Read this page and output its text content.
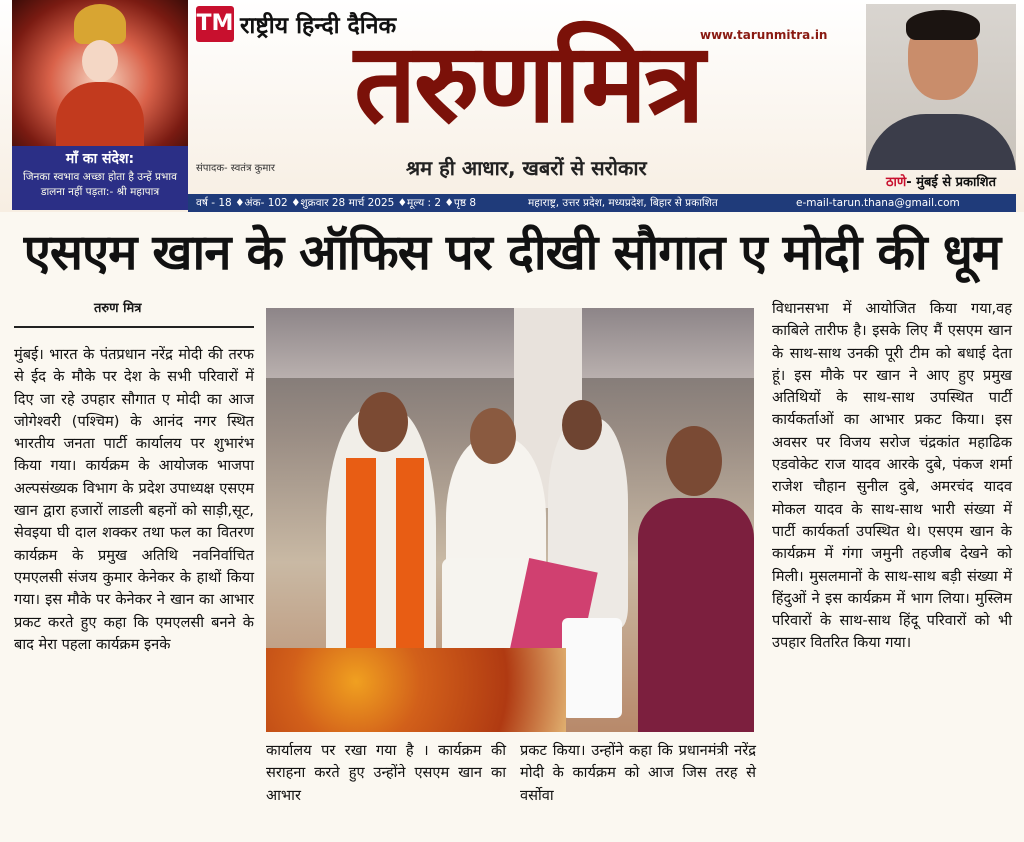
माँ का संदेश:
जिनका स्वभाव अच्छा होता है उन्हें प्रभाव डालना नहीं पड़ता:- श्री महापात्र
TM राष्ट्रीय हिन्दी दैनिक	www.tarunmitra.in
तरुणमित्र
संपादक- स्वतंत्र कुमार	श्रम ही आधार, खबरों से सरोकार
ठाणे- मुंबई से प्रकाशित
वर्ष - 18 ♦अंक- 102 ♦शुक्रवार 28 मार्च 2025 ♦मूल्य : 2 ♦पृष्ठ 8	महाराष्ट्र, उत्तर प्रदेश, मध्यप्रदेश, बिहार से प्रकाशित	e-mail-tarun.thana@gmail.com
एसएम खान के ऑफिस पर दीखी सौगात ए मोदी की धूम
तरुण मित्र

मुंबई। भारत के पंतप्रधान नरेंद्र मोदी की तरफ से ईद के मौके पर देश के सभी परिवारों में दिए जा रहे उपहार सौगात ए मोदी का आज जोगेश्वरी (पश्चिम) के आनंद नगर स्थित भारतीय जनता पार्टी कार्यालय पर शुभारंभ किया गया। कार्यक्रम के आयोजक भाजपा अल्पसंख्यक विभाग के प्रदेश उपाध्यक्ष एसएम खान द्वारा हजारों लाडली बहनों को साड़ी,सूट, सेवइया घी दाल शक्कर तथा फल का वितरण कार्यक्रम के प्रमुख अतिथि नवनिर्वाचित एमएलसी संजय कुमार केनेकर के हाथों किया गया। इस मौके पर केनेकर ने खान का आभार प्रकट करते हुए कहा कि एमएलसी बनने के बाद मेरा पहला कार्यक्रम इनके

कार्यालय पर रखा गया है । कार्यक्रम की सराहना करते हुए उन्होंने एसएम खान का आभार

प्रकट किया। उन्होंने कहा कि प्रधानमंत्री नरेंद्र मोदी के कार्यक्रम को आज जिस तरह से वर्सोवा

विधानसभा में आयोजित किया गया,वह काबिले तारीफ है। इसके लिए मैं एसएम खान के साथ-साथ उनकी पूरी टीम को बधाई देता हूं। इस मौके पर खान ने आए हुए प्रमुख अतिथियों के साथ-साथ उपस्थित पार्टी कार्यकर्ताओं का आभार प्रकट किया। इस अवसर पर विजय सरोज चंद्रकांत महाढिक एडवोकेट राज यादव आरके दुबे, पंकज शर्मा राजेश चौहान सुनील दुबे, अमरचंद यादव मोकल यादव के साथ-साथ भारी संख्या में पार्टी कार्यकर्ता उपस्थित थे। एसएम खान के कार्यक्रम में गंगा जमुनी तहजीब देखने को मिली। मुसलमानों के साथ-साथ बड़ी संख्या में हिंदुओं ने इस कार्यक्रम में भाग लिया। मुस्लिम परिवारों के साथ-साथ हिंदू परिवारों को भी उपहार वितरित किया गया।
